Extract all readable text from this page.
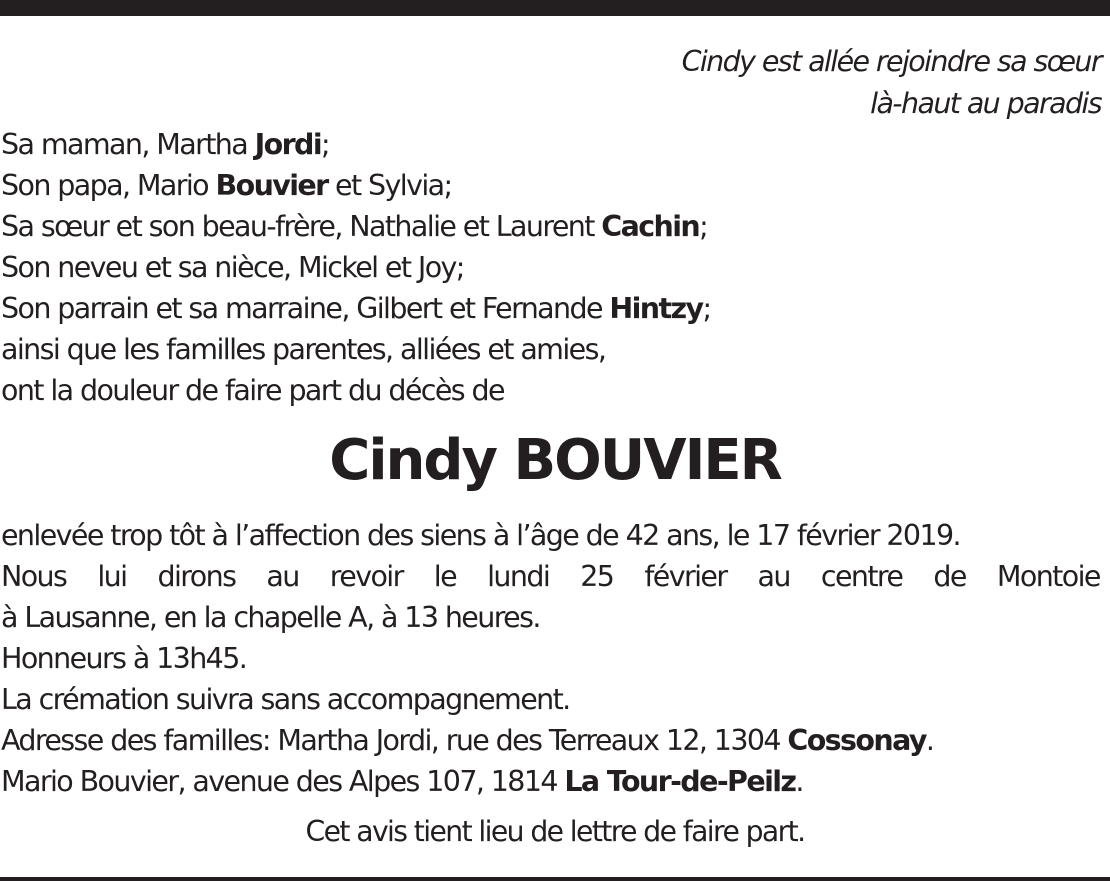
Cindy est allée rejoindre sa sœur
là-haut au paradis
Sa maman, Martha Jordi;
Son papa, Mario Bouvier et Sylvia;
Sa sœur et son beau-frère, Nathalie et Laurent Cachin;
Son neveu et sa nièce, Mickel et Joy;
Son parrain et sa marraine, Gilbert et Fernande Hintzy;
ainsi que les familles parentes, alliées et amies,
ont la douleur de faire part du décès de
Cindy BOUVIER
enlevée trop tôt à l’affection des siens à l’âge de 42 ans, le 17 février 2019.
Nous lui dirons au revoir le lundi 25 février au centre de Montoie
à Lausanne, en la chapelle A, à 13 heures.
Honneurs à 13h45.
La crémation suivra sans accompagnement.
Adresse des familles: Martha Jordi, rue des Terreaux 12, 1304 Cossonay.
Mario Bouvier, avenue des Alpes 107, 1814 La Tour-de-Peilz.
Cet avis tient lieu de lettre de faire part.
